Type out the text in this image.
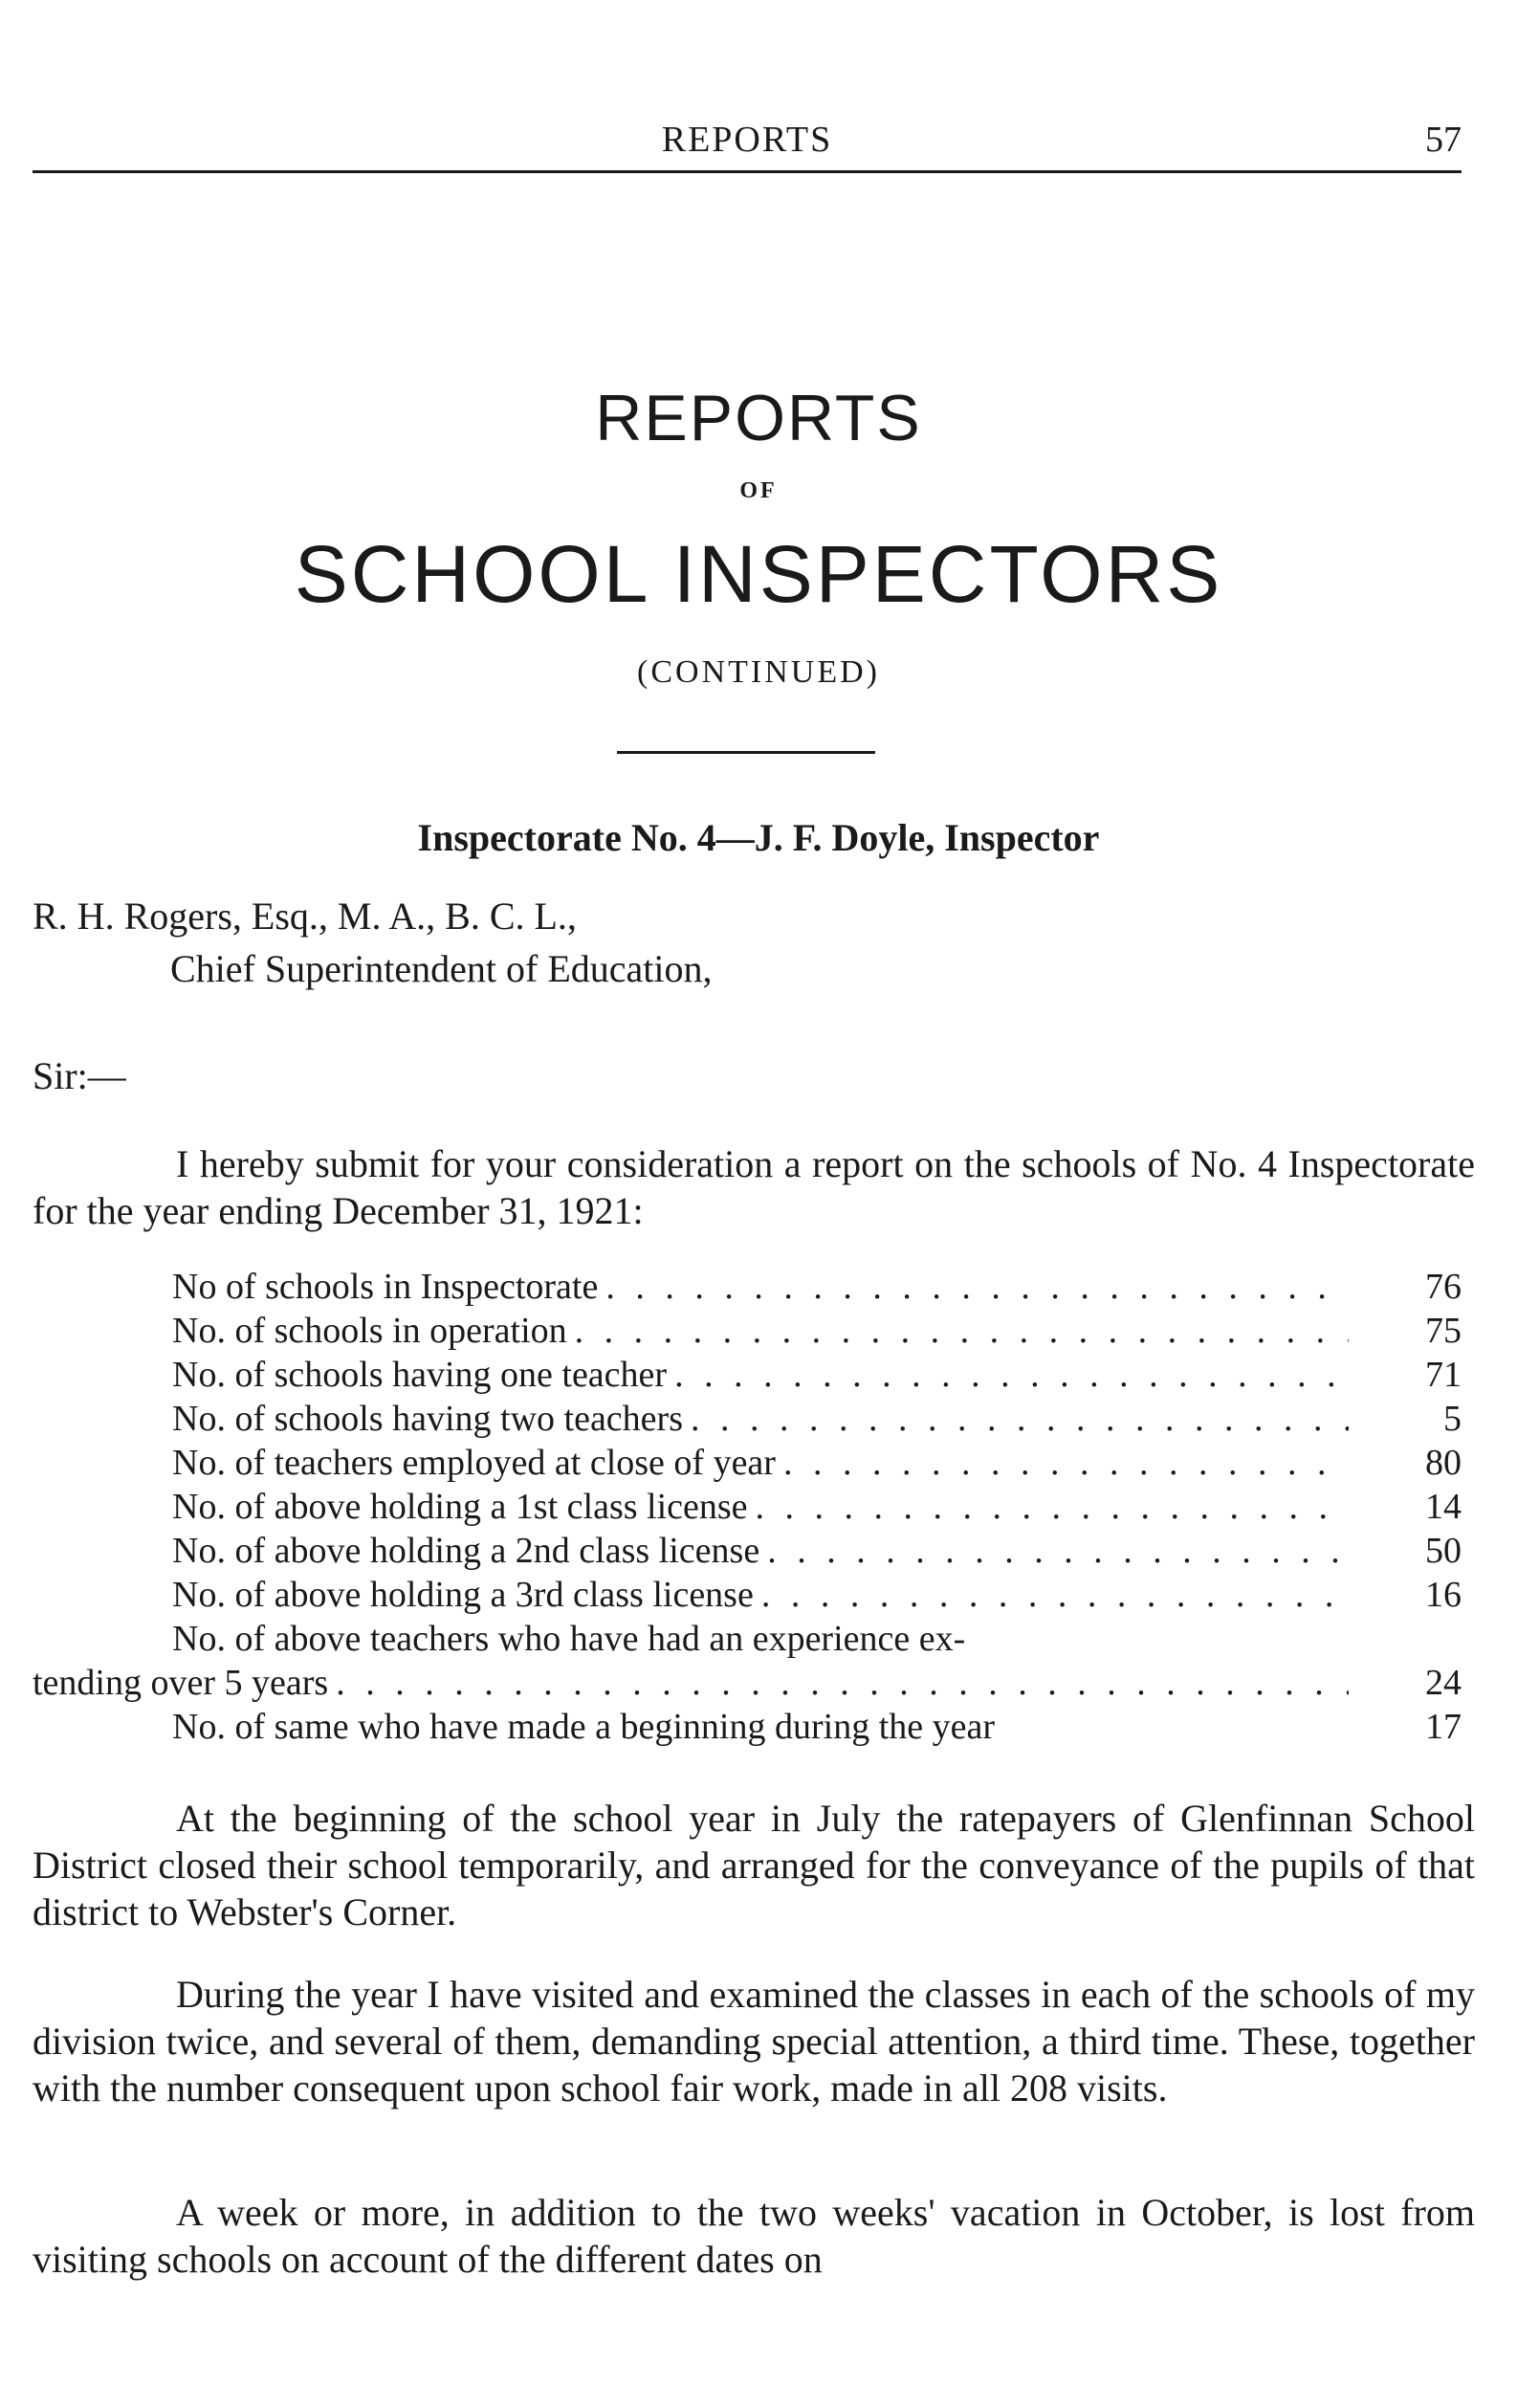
REPORTS	57
REPORTS
OF
SCHOOL INSPECTORS
(CONTINUED)
Inspectorate No. 4—J. F. Doyle, Inspector
R. H. Rogers, Esq., M. A., B. C. L.,
Chief Superintendent of Education,
Sir:—
I hereby submit for your consideration a report on the schools of No. 4 Inspectorate for the year ending December 31, 1921:
No of schools in Inspectorate . . .	76
No. of schools in operation . . .	75
No. of schools having one teacher . . .	71
No. of schools having two teachers . . .	5
No. of teachers employed at close of year . . .	80
No. of above holding a 1st class license . . .	14
No. of above holding a 2nd class license . . .	50
No. of above holding a 3rd class license . . .	16
No. of above teachers who have had an experience ex-
tending over 5 years . . .	24
No. of same who have made a beginning during the year	17
At the beginning of the school year in July the ratepayers of Glenfinnan School District closed their school temporarily, and arranged for the conveyance of the pupils of that district to Webster's Corner.
During the year I have visited and examined the classes in each of the schools of my division twice, and several of them, demanding special attention, a third time. These, together with the number consequent upon school fair work, made in all 208 visits.
A week or more, in addition to the two weeks' vacation in October, is lost from visiting schools on account of the different dates on
